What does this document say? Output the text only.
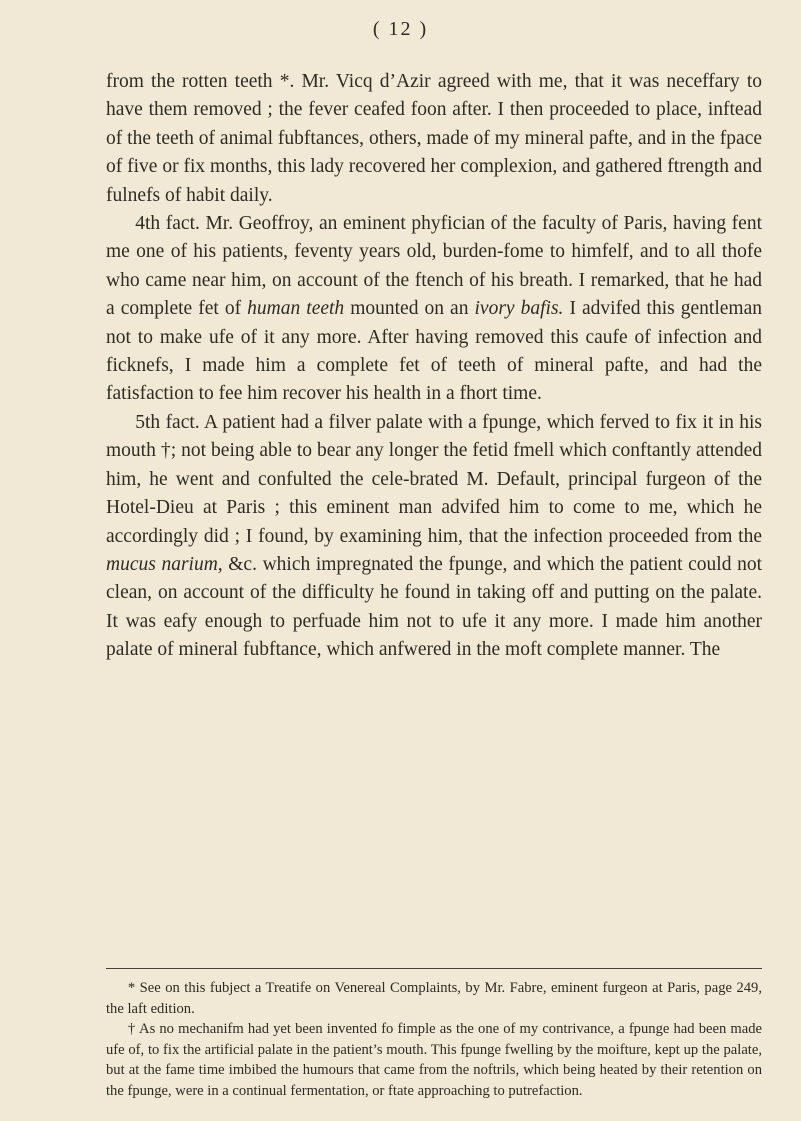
( 12 )

from the rotten teeth *. Mr. Vicq d’Azir agreed with me, that it was neceffary to have them removed ; the fever ceafed foon after. I then proceeded to place, inftead of the teeth of animal fubftances, others, made of my mineral pafte, and in the fpace of five or fix months, this lady recovered her complexion, and gathered ftrength and fulnefs of habit daily.

4th fact. Mr. Geoffroy, an eminent phyfician of the faculty of Paris, having fent me one of his patients, feventy years old, burden-fome to himfelf, and to all thofe who came near him, on account of the ftench of his breath. I remarked, that he had a complete fet of human teeth mounted on an ivory bafis. I advifed this gentleman not to make ufe of it any more. After having removed this caufe of infection and ficknefs, I made him a complete fet of teeth of mineral pafte, and had the fatisfaction to fee him recover his health in a fhort time.

5th fact. A patient had a filver palate with a fpunge, which ferved to fix it in his mouth †; not being able to bear any longer the fetid fmell which conftantly attended him, he went and confulted the cele-brated M. Default, principal furgeon of the Hotel-Dieu at Paris ; this eminent man advifed him to come to me, which he accordingly did ; I found, by examining him, that the infection proceeded from the mucus narium, &c. which impregnated the fpunge, and which the patient could not clean, on account of the difficulty he found in taking off and putting on the palate. It was eafy enough to perfuade him not to ufe it any more. I made him another palate of mineral fubftance, which anfwered in the moft complete manner. The

* See on this fubject a Treatife on Venereal Complaints, by Mr. Fabre, eminent furgeon at Paris, page 249, the laft edition.

† As no mechanifm had yet been invented fo fimple as the one of my contrivance, a fpunge had been made ufe of, to fix the artificial palate in the patient’s mouth. This fpunge fwelling by the moifture, kept up the palate, but at the fame time imbibed the humours that came from the noftrils, which being heated by their retention on the fpunge, were in a continual fermentation, or ftate approaching to putrefaction.
